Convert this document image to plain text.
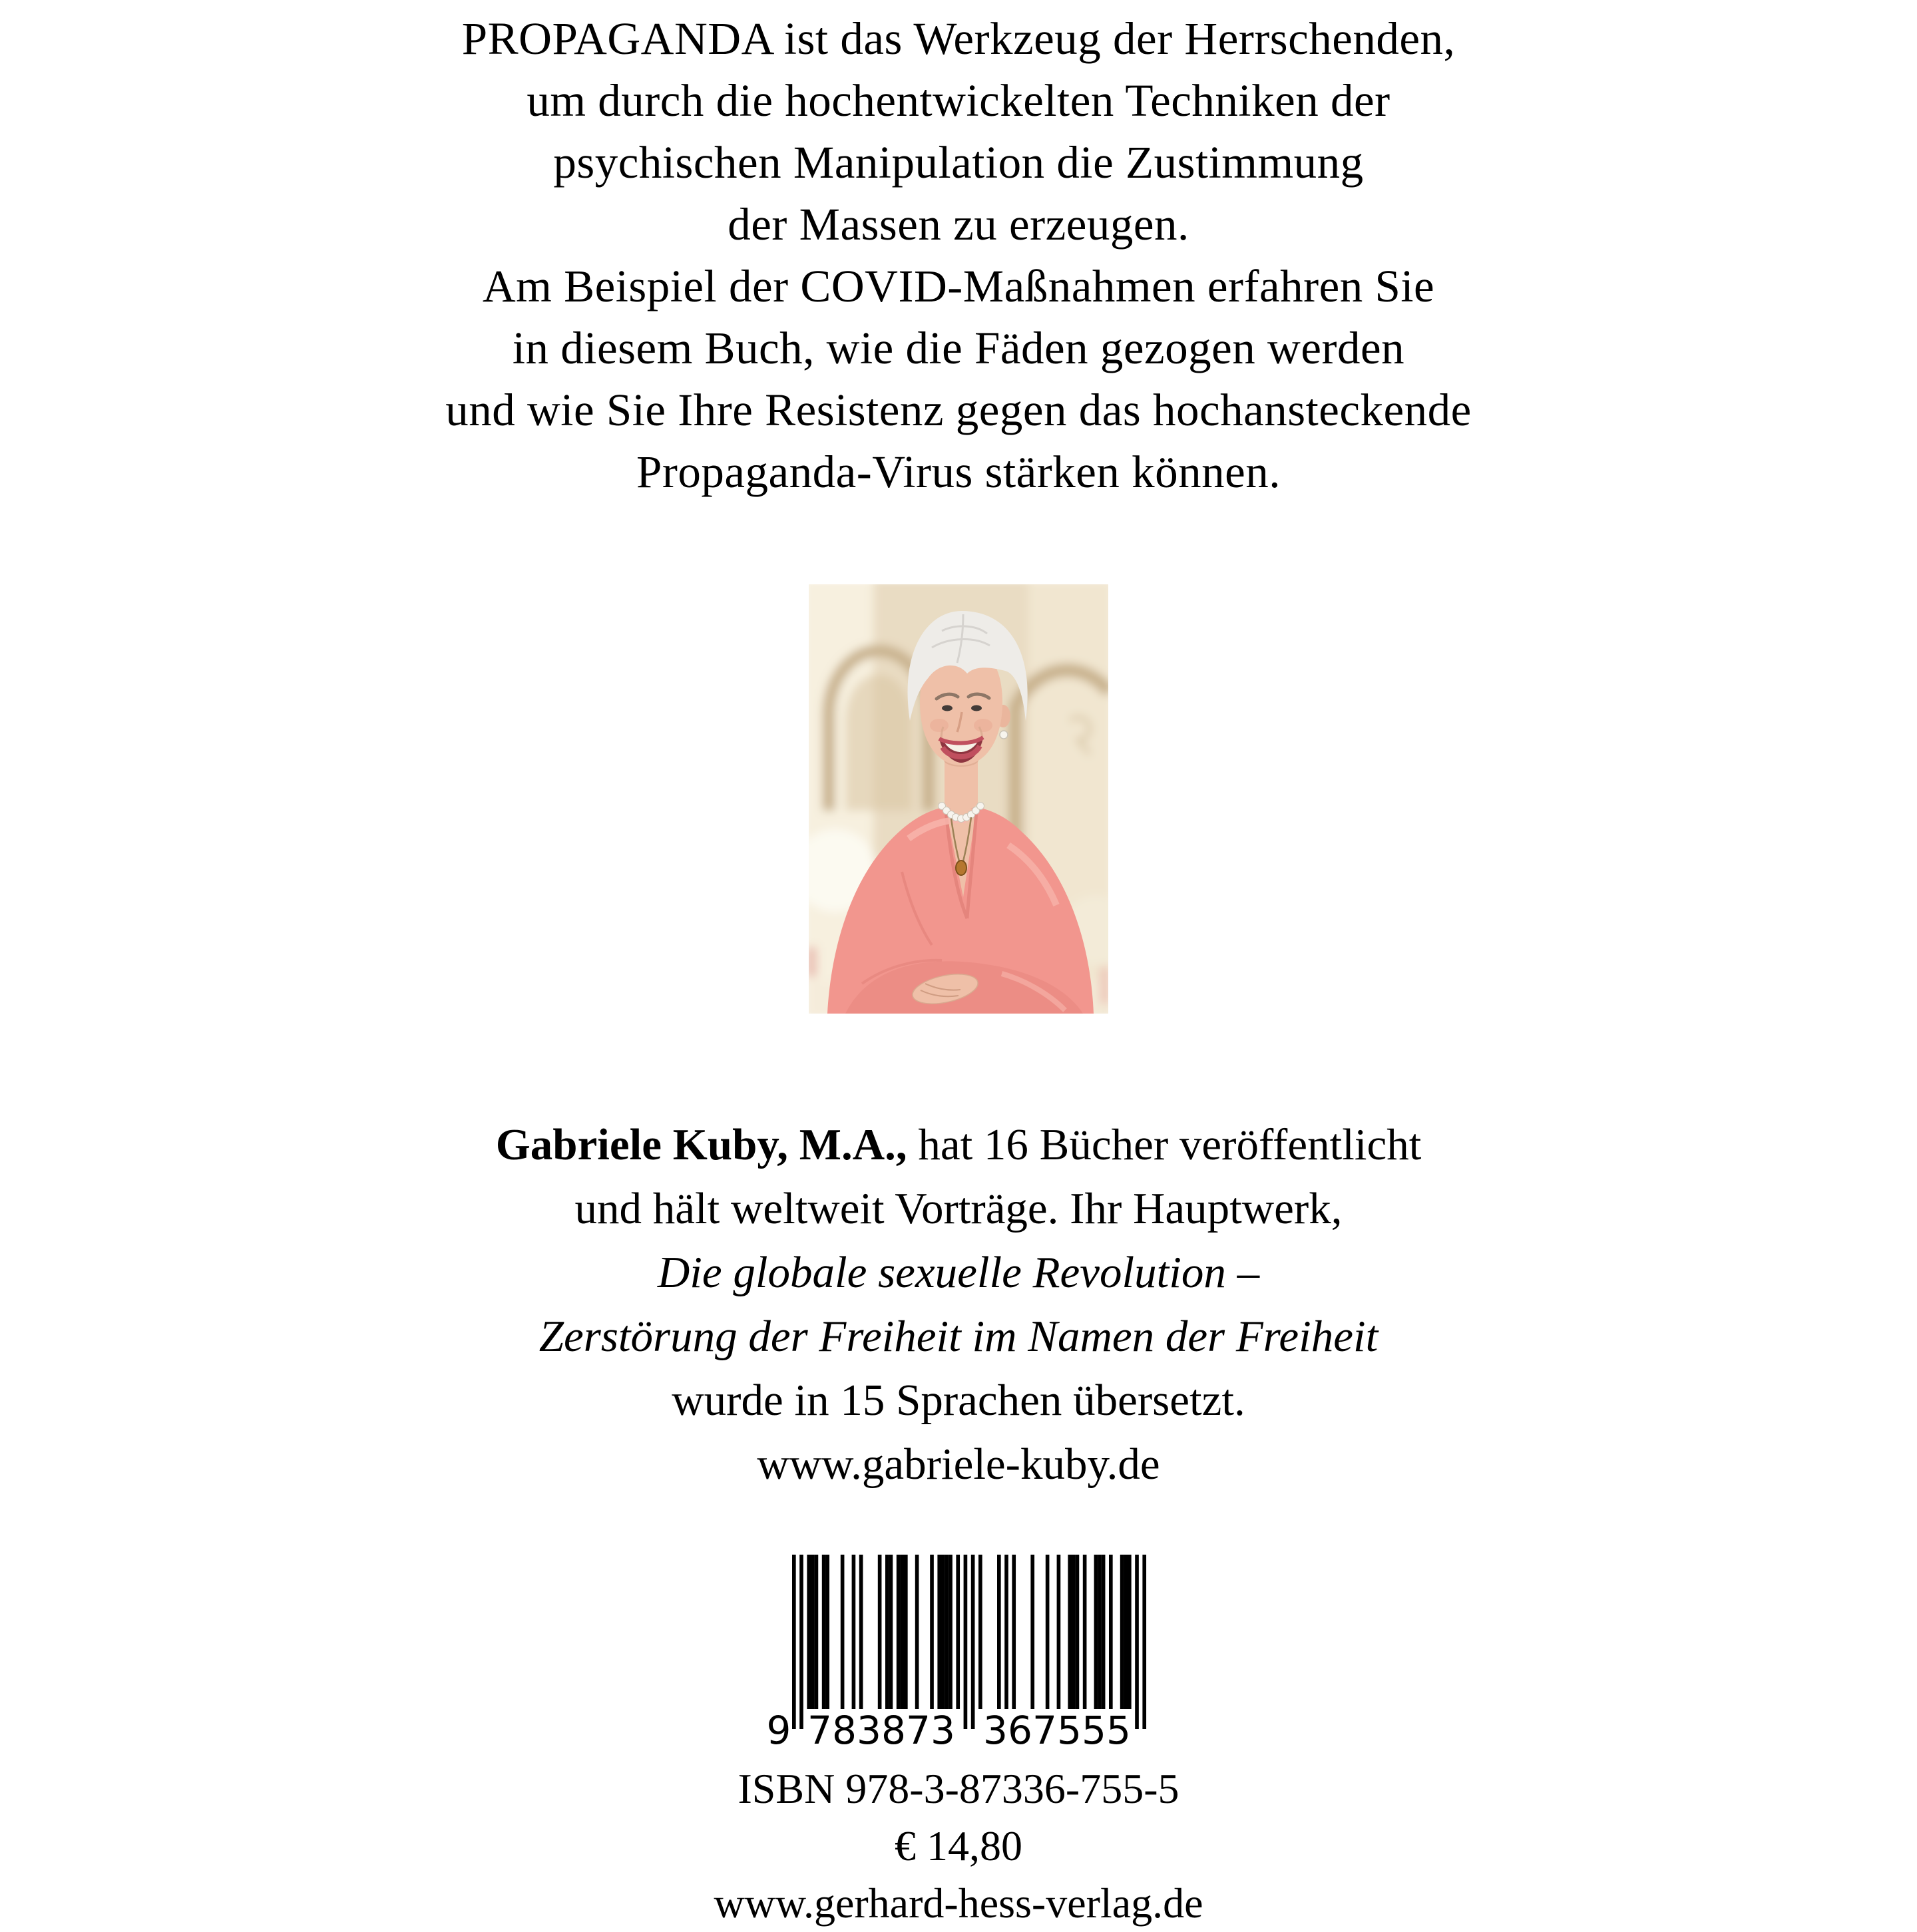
PROPAGANDA ist das Werkzeug der Herrschenden,
um durch die hochentwickelten Techniken der
psychischen Manipulation die Zustimmung
der Massen zu erzeugen.
Am Beispiel der COVID-Maßnahmen erfahren Sie
in diesem Buch, wie die Fäden gezogen werden
und wie Sie Ihre Resistenz gegen das hochansteckende
Propaganda-Virus stärken können.
Gabriele Kuby, M.A., hat 16 Bücher veröffentlicht
und hält weltweit Vorträge. Ihr Hauptwerk,
Die globale sexuelle Revolution –
Zerstörung der Freiheit im Namen der Freiheit
wurde in 15 Sprachen übersetzt.
www.gabriele-kuby.de
9 783873 367555
ISBN 978-3-87336-755-5
€ 14,80
www.gerhard-hess-verlag.de
